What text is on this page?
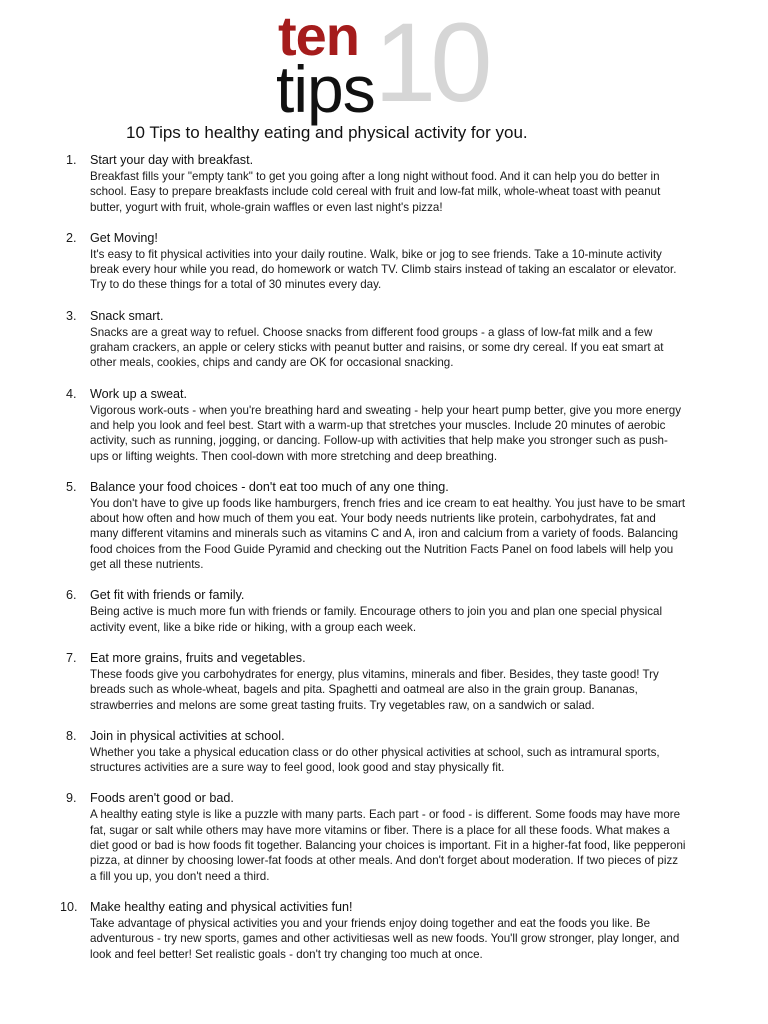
10
ten
tips
10 Tips to healthy eating and physical activity for you.
1. Start your day with breakfast.
Breakfast fills your "empty tank" to get you going after a long night without food. And it can help you do better in school. Easy to prepare breakfasts include cold cereal with fruit and low-fat milk, whole-wheat toast with peanut butter, yogurt with fruit, whole-grain waffles or even last night's pizza!
2. Get Moving!
It's easy to fit physical activities into your daily routine. Walk, bike or jog to see friends. Take a 10-minute activity break every hour while you read, do homework or watch TV. Climb stairs instead of taking an escalator or elevator. Try to do these things for a total of 30 minutes every day.
3. Snack smart.
Snacks are a great way to refuel. Choose snacks from different food groups - a glass of low-fat milk and a few graham crackers, an apple or celery sticks with peanut butter and raisins, or some dry cereal. If you eat smart at other meals, cookies, chips and candy are OK for occasional snacking.
4. Work up a sweat.
Vigorous work-outs - when you're breathing hard and sweating - help your heart pump better, give you more energy and help you look and feel best. Start with a warm-up that stretches your muscles. Include 20 minutes of aerobic activity, such as running, jogging, or dancing. Follow-up with activities that help make you stronger such as push-ups or lifting weights. Then cool-down with more stretching and deep breathing.
5. Balance your food choices - don't eat too much of any one thing.
You don't have to give up foods like hamburgers, french fries and ice cream to eat healthy. You just have to be smart about how often and how much of them you eat. Your body needs nutrients like protein, carbohydrates, fat and many different vitamins and minerals such as vitamins C and A, iron and calcium from a variety of foods. Balancing food choices from the Food Guide Pyramid and checking out the Nutrition Facts Panel on food labels will help you get all these nutrients.
6. Get fit with friends or family.
Being active is much more fun with friends or family. Encourage others to join you and plan one special physical activity event, like a bike ride or hiking, with a group each week.
7. Eat more grains, fruits and vegetables.
These foods give you carbohydrates for energy, plus vitamins, minerals and fiber. Besides, they taste good! Try breads such as whole-wheat, bagels and pita. Spaghetti and oatmeal are also in the grain group. Bananas, strawberries and melons are some great tasting fruits. Try vegetables raw, on a sandwich or salad.
8. Join in physical activities at school.
Whether you take a physical education class or do other physical activities at school, such as intramural sports, structures activities are a sure way to feel good, look good and stay physically fit.
9. Foods aren't good or bad.
A healthy eating style is like a puzzle with many parts. Each part - or food - is different. Some foods may have more fat, sugar or salt while others may have more vitamins or fiber. There is a place for all these foods. What makes a diet good or bad is how foods fit together. Balancing your choices is important. Fit in a higher-fat food, like pepperoni pizza, at dinner by choosing lower-fat foods at other meals. And don't forget about moderation. If two pieces of pizz a fill you up, you don't need a third.
10. Make healthy eating and physical activities fun!
Take advantage of physical activities you and your friends enjoy doing together and eat the foods you like. Be adventurous - try new sports, games and other activitiesas well as new foods. You'll grow stronger, play longer, and look and feel better! Set realistic goals - don't try changing too much at once.
